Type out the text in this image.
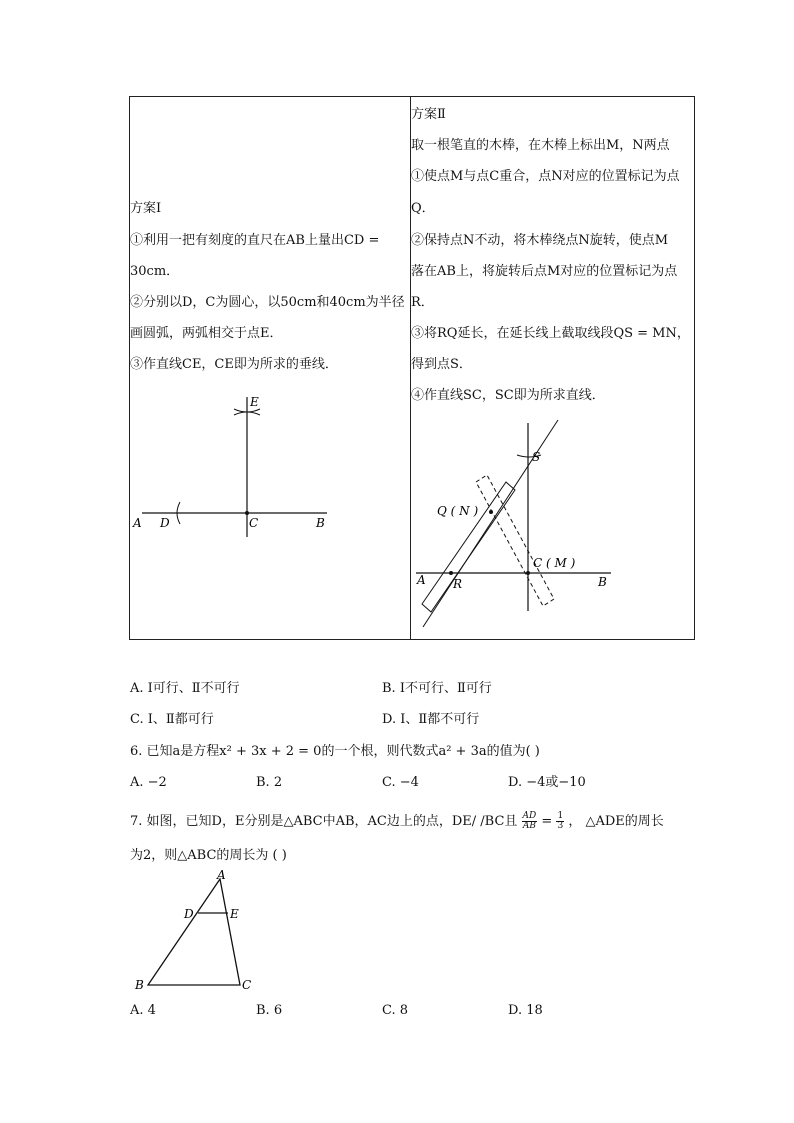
方案Ⅰ
①利用一把有刻度的直尺在AB上量出CD =
30cm．
②分别以D，C为圆心，以50cm和40cm为半径
画圆弧，两弧相交于点E．
③作直线CE，CE即为所求的垂线．
E
A D	C	B

方案Ⅱ
取一根笔直的木棒，在木棒上标出M，N两点
①使点M与点C重合，点N对应的位置标记为点
Q．
②保持点N不动，将木棒绕点N旋转，使点M
落在AB上，将旋转后点M对应的位置标记为点
R．
③将RQ延长，在延长线上截取线段QS = MN，
得到点S．
④作直线SC，SC即为所求直线．
S
Q ( N )
C ( M )
A R	B
A. Ⅰ可行、Ⅱ不可行	B. Ⅰ不可行、Ⅱ可行
C. Ⅰ、Ⅱ都可行	D. Ⅰ、Ⅱ都不可行
6. 已知a是方程x² + 3x + 2 = 0的一个根，则代数式a² + 3a的值为( )
A. −2	B. 2	C. −4	D. −4或−10
7. 如图，已知D，E分别是△ABC中AB，AC边上的点，DE/ /BC且 $\frac{AD}{AB} = \frac{1}{3}$ ， △ADE的周长
为2，则△ABC的周长为 ( )
A
D	E
B	C
A. 4	B. 6	C. 8	D. 18
